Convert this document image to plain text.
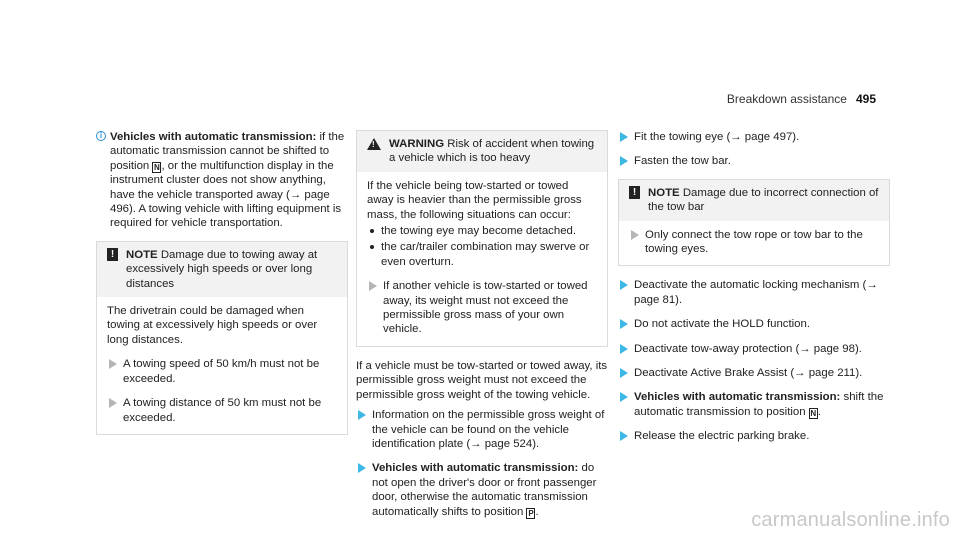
Breakdown assistance 495
i Vehicles with automatic transmission: if the automatic transmission cannot be shifted to position N , or the multifunction display in the instrument cluster does not show anything, have the vehicle transported away (→ page 496). A towing vehicle with lifting equipment is required for vehicle transportation.
!	NOTE Damage due to towing away at excessively high speeds or over long distances

The drivetrain could be damaged when towing at excessively high speeds or over long distances.

A towing speed of 50 km/h must not be exceeded.
A towing distance of 50 km must not be exceeded.
! WARNING Risk of accident when towing a vehicle which is too heavy

If the vehicle being tow-started or towed away is heavier than the permissible gross mass, the following situations can occur:

the towing eye may become detached.
the car/trailer combination may swerve or even overturn.
If another vehicle is tow-started or towed away, its weight must not exceed the permissible gross mass of your own vehicle.

If a vehicle must be tow-started or towed away, its permissible gross weight must not exceed the permissible gross weight of the towing vehicle.

Information on the permissible gross weight of the vehicle can be found on the vehicle identification plate (→ page 524).
Vehicles with automatic transmission: do not open the driver's door or front passenger door, otherwise the automatic transmission automatically shifts to position P .
Fit the towing eye (→ page 497).
Fasten the tow bar.
!	NOTE Damage due to incorrect connection of the tow bar
Only connect the tow rope or tow bar to the towing eyes.
Deactivate the automatic locking mechanism (→ page 81).
Do not activate the HOLD function.
Deactivate tow-away protection (→ page 98).
Deactivate Active Brake Assist (→ page 211).
Vehicles with automatic transmission: shift the automatic transmission to position N .
Release the electric parking brake.
carmanualsonline.info
